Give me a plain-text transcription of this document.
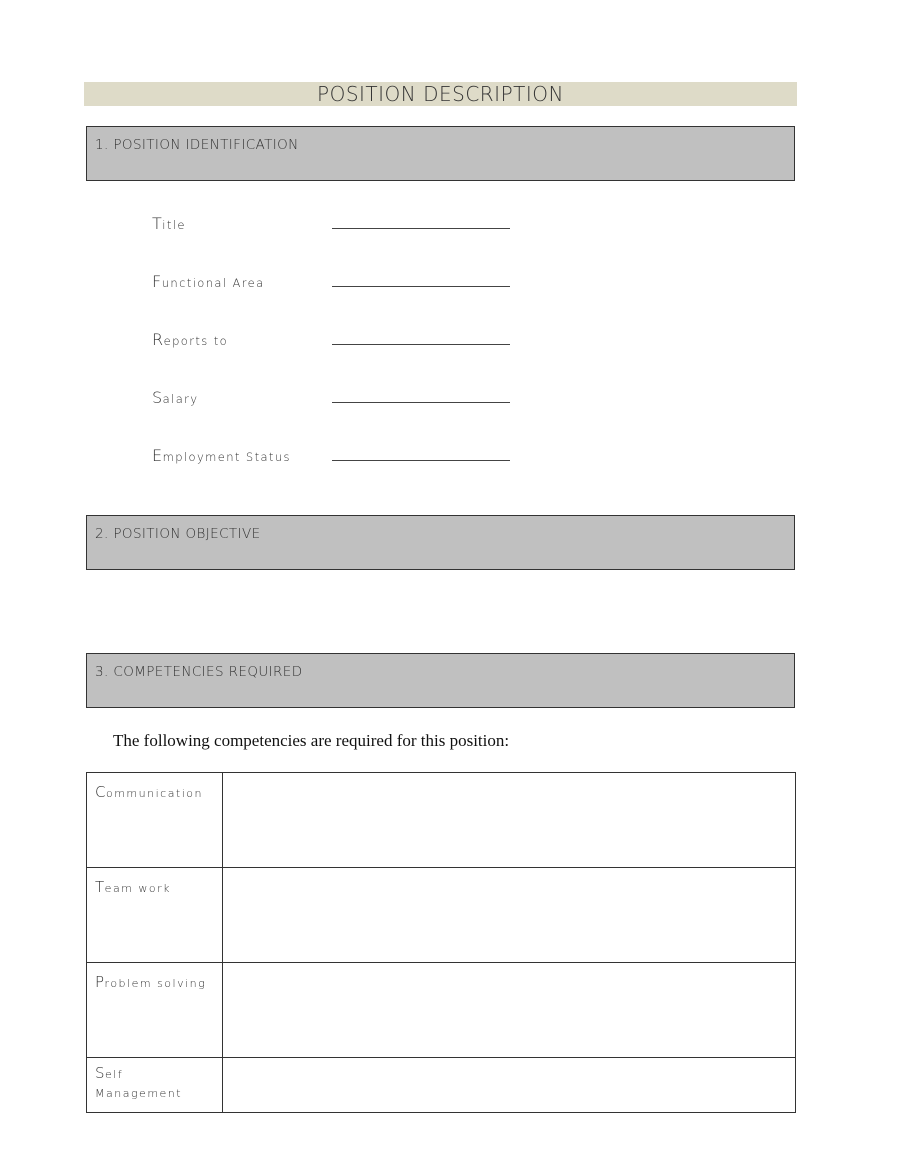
POSITION DESCRIPTION
1. POSITION IDENTIFICATION
Title
Functional Area
Reports to
Salary
Employment Status
2. POSITION OBJECTIVE
3. COMPETENCIES REQUIRED
The following competencies are required for this position:
Communication	

Team work	

Problem solving	

Self Management	
